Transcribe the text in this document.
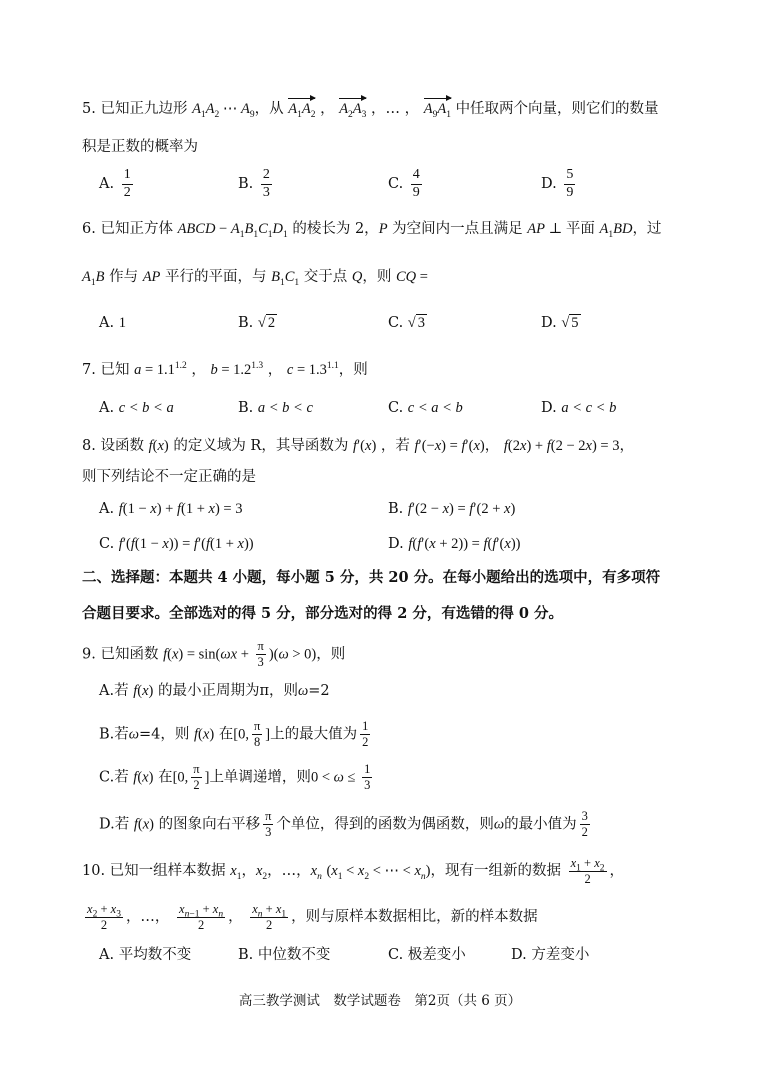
5. 已知正九边形 $A_1A_2$ ⋯ $A_9$，从 $A_1A_2$ ， $A_2A_3$ ，… ， $A_9A_1$ 中任取两个向量，则它们的数量
积是正数的概率为
A. $\frac{1}{2}$	B. $\frac{2}{3}$	C. $\frac{4}{9}$	D. $\frac{5}{9}$
6. 已知正方体 ABCD − $A_1B_1C_1D_1$ 的棱长为 2，P 为空间内一点且满足 AP ⊥ 平面 $A_1BD$，过
$A_1B$ 作与 AP 平行的平面，与 $B_1C_1$ 交于点 Q，则 CQ =
A. 1	B. √ 2	C. √ 3	D. √ 5
7. 已知 $a = 1.1^{1.2}$ ， $b = 1.2^{1.3}$ ， $c = 1.3^{1.1}$，则
A. c < b < a	B. a < b < c	C. c < a < b	D. a < c < b
8. 设函数 f(x) 的定义域为 R，其导函数为 f′(x) ，若 f′(−x) = f′(x)， f(2x) + f(2 − 2x) = 3，
则下列结论不一定正确的是
A. f(1 − x) + f(1 + x) = 3	B. f′(2 − x) = f′(2 + x)
C. f′(f(1 − x)) = f′(f(1 + x))	D. f(f′(x + 2)) = f(f′(x))
二、选择题：本题共 4 小题，每小题 5 分，共 20 分。在每小题给出的选项中，有多项符
合题目要求。全部选对的得 5 分，部分选对的得 2 分，有选错的得 0 分。
9. 已知函数 $f(x) = \sin(\omega x + \frac{\pi}{3} )(\omega > 0)$，则
A.若 f(x) 的最小正周期为π，则ω=2
B.若ω=4，则 f(x) 在[0, $\frac{\pi}{8}$ ]上的最大值为 $\frac{1}{2}$
C.若 f(x) 在[0, $\frac{\pi}{2}$ ]上单调递增，则$0 < \omega \le \frac{1}{3}$
D.若 f(x) 的图象向右平移 $\frac{\pi}{3}$ 个单位，得到的函数为偶函数，则ω的最小值为 $\frac{3}{2}$
10. 已知一组样本数据 $x_1$，$x_2$，…，$x_n$ ($x_1 < x_2$ < ⋯ < $x_n$)，现有一组新的数据 $\frac{x_1 + x_2}{2}$ ，
$\frac{x_2 + x_3}{2}$ ，…， $\frac{x_{n-1} + x_n}{2}$ ， $\frac{x_n + x_1}{2}$ ，则与原样本数据相比，新的样本数据
A. 平均数不变	B. 中位数不变	C. 极差变小	D. 方差变小
高三教学测试　数学试题卷　第2页（共 6 页）
